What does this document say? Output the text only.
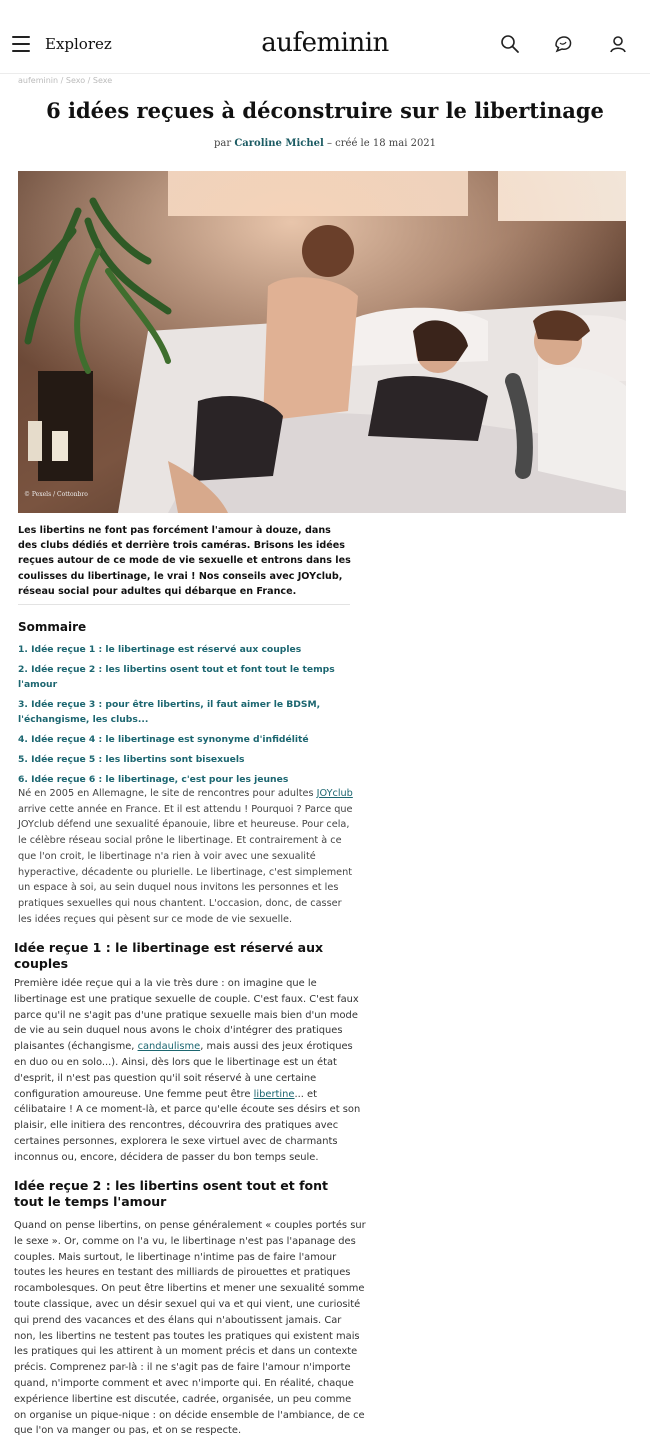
Explorez	aufeminin
aufeminin / Sexo / Sexe
6 idées reçues à déconstruire sur le libertinage
par Caroline Michel – créé le 18 mai 2021
© Pexels / Cottonbro

Les libertins ne font pas forcément l'amour à douze, dans des clubs dédiés et derrière trois caméras. Brisons les idées reçues autour de ce mode de vie sexuelle et entrons dans les coulisses du libertinage, le vrai ! Nos conseils avec JOYclub, réseau social pour adultes qui débarque en France.

Sommaire
1. Idée reçue 1 : le libertinage est réservé aux couples
2. Idée reçue 2 : les libertins osent tout et font tout le temps l'amour
3. Idée reçue 3 : pour être libertins, il faut aimer le BDSM, l'échangisme, les clubs...
4. Idée reçue 4 : le libertinage est synonyme d'infidélité
5. Idée reçue 5 : les libertins sont bisexuels
6. Idée reçue 6 : le libertinage, c'est pour les jeunes

Né en 2005 en Allemagne, le site de rencontres pour adultes JOYclub arrive cette année en France. Et il est attendu ! Pourquoi ? Parce que JOYclub défend une sexualité épanouie, libre et heureuse. Pour cela, le célèbre réseau social prône le libertinage. Et contrairement à ce que l'on croit, le libertinage n'a rien à voir avec une sexualité hyperactive, décadente ou plurielle. Le libertinage, c'est simplement un espace à soi, au sein duquel nous invitons les personnes et les pratiques sexuelles qui nous chantent. L'occasion, donc, de casser les idées reçues qui pèsent sur ce mode de vie sexuelle.

Idée reçue 1 : le libertinage est réservé aux couples

Première idée reçue qui a la vie très dure : on imagine que le libertinage est une pratique sexuelle de couple. C'est faux. C'est faux parce qu'il ne s'agit pas d'une pratique sexuelle mais bien d'un mode de vie au sein duquel nous avons le choix d'intégrer des pratiques plaisantes (échangisme, candaulisme, mais aussi des jeux érotiques en duo ou en solo...). Ainsi, dès lors que le libertinage est un état d'esprit, il n'est pas question qu'il soit réservé à une certaine configuration amoureuse. Une femme peut être libertine... et célibataire ! A ce moment-là, et parce qu'elle écoute ses désirs et son plaisir, elle initiera des rencontres, découvrira des pratiques avec certaines personnes, explorera le sexe virtuel avec de charmants inconnus ou, encore, décidera de passer du bon temps seule.

Idée reçue 2 : les libertins osent tout et font tout le temps l'amour

Quand on pense libertins, on pense généralement « couples portés sur le sexe ». Or, comme on l'a vu, le libertinage n'est pas l'apanage des couples. Mais surtout, le libertinage n'intime pas de faire l'amour toutes les heures en testant des milliards de pirouettes et pratiques rocambolesques. On peut être libertins et mener une sexualité somme toute classique, avec un désir sexuel qui va et qui vient, une curiosité qui prend des vacances et des élans qui n'aboutissent jamais. Car non, les libertins ne testent pas toutes les pratiques qui existent mais les pratiques qui les attirent à un moment précis et dans un contexte précis. Comprenez par-là : il ne s'agit pas de faire l'amour n'importe quand, n'importe comment et avec n'importe qui. En réalité, chaque expérience libertine est discutée, cadrée, organisée, un peu comme on organise un pique-nique : on décide ensemble de l'ambiance, de ce que l'on va manger ou pas, et on se respecte.
